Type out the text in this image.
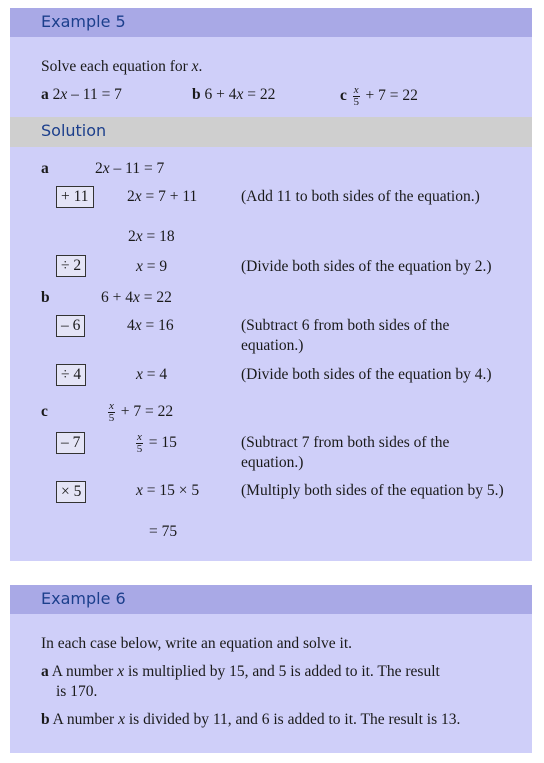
Example 5
Solve each equation for x.
a 2x – 11 = 7	b 6 + 4x = 22	c $\frac{x}{5} + 7 = 22$
Solution
a	2x – 11 = 7
+ 11	2x = 7 + 11	(Add 11 to both sides of the equation.)
2x = 18
÷ 2	x = 9	(Divide both sides of the equation by 2.)
b	6 + 4x = 22
– 6	4x = 16	(Subtract 6 from both sides of the equation.)
÷ 4	x = 4	(Divide both sides of the equation by 4.)
c	$\frac{x}{5} + 7 = 22$
– 7	$\frac{x}{5} = 15$	(Subtract 7 from both sides of the equation.)
× 5	x = 15 × 5	(Multiply both sides of the equation by 5.)
= 75
Example 6
In each case below, write an equation and solve it.
a A number x is multiplied by 15, and 5 is added to it. The result
is 170.
b A number x is divided by 11, and 6 is added to it. The result is 13.
